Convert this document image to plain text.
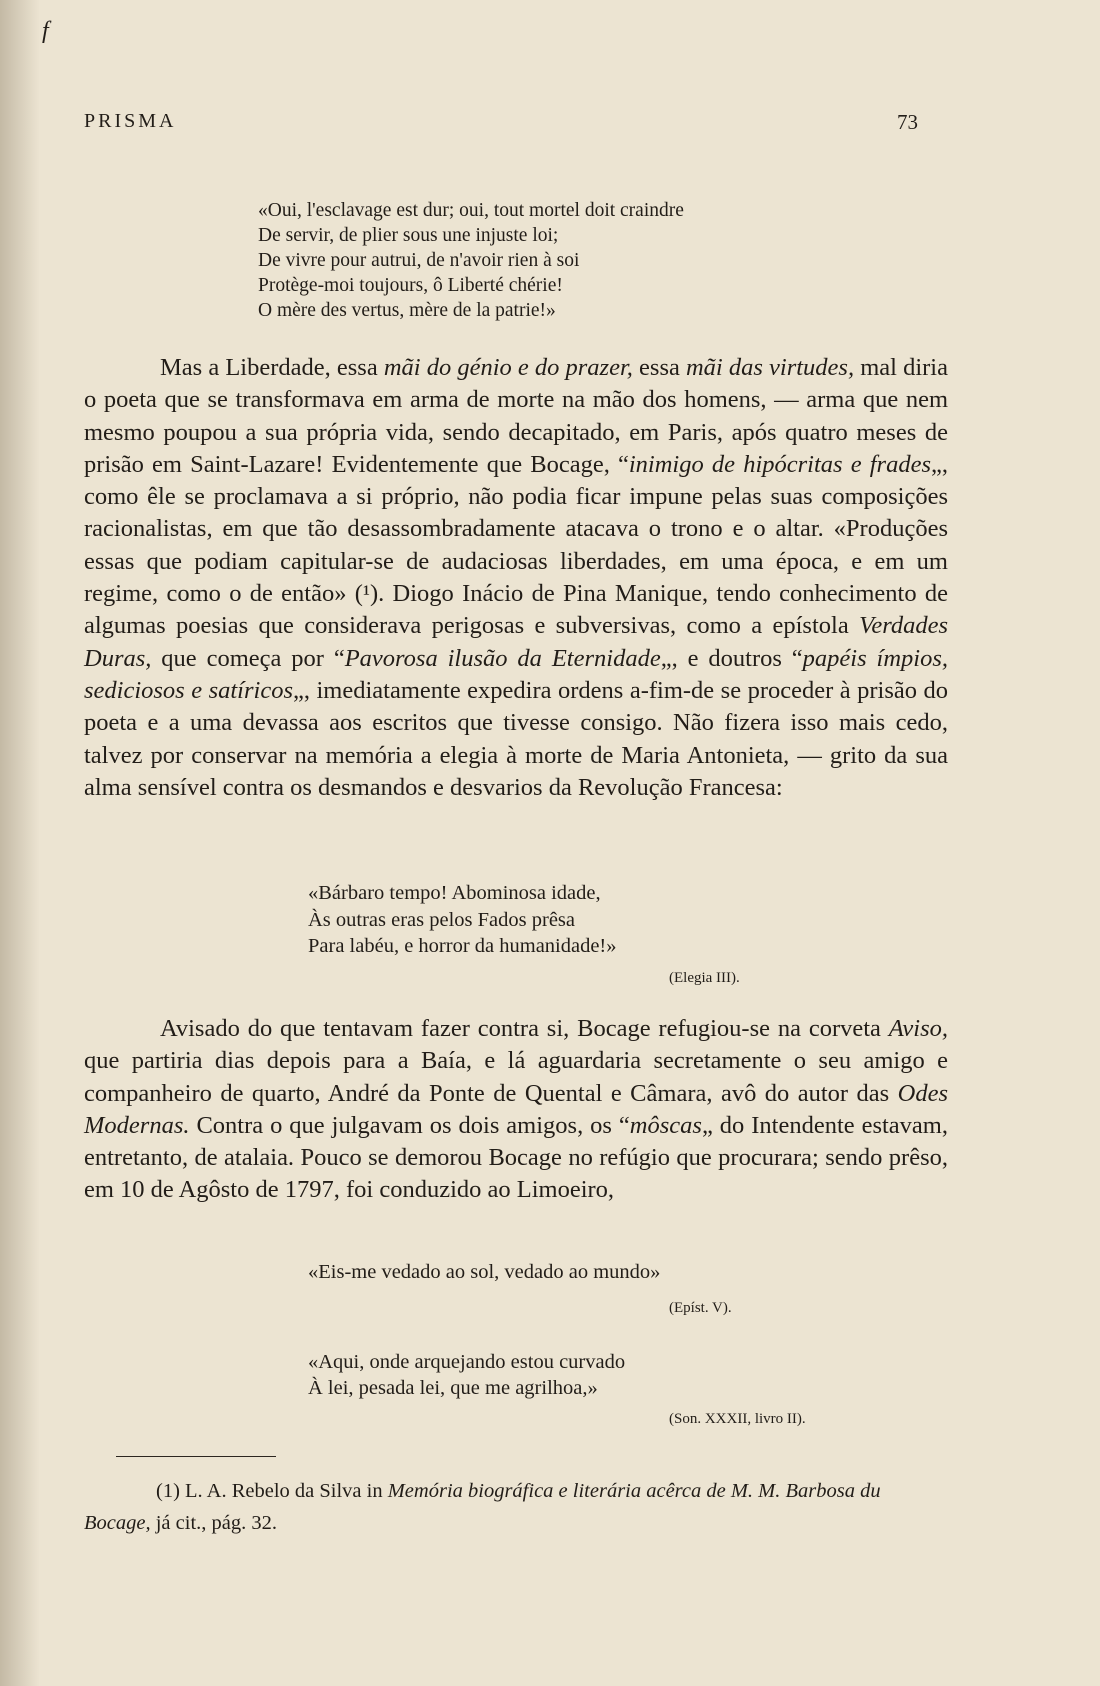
f
PRISMA	73
«Oui, l'esclavage est dur; oui, tout mortel doit craindre
De servir, de plier sous une injuste loi;
De vivre pour autrui, de n'avoir rien à soi
Protège-moi toujours, ô Liberté chérie!
O mère des vertus, mère de la patrie!»

Mas a Liberdade, essa mãi do génio e do prazer, essa mãi das virtudes, mal diria o poeta que se transformava em arma de morte na mão dos homens, — arma que nem mesmo poupou a sua própria vida, sendo decapitado, em Paris, após quatro meses de prisão em Saint-Lazare! Evidentemente que Bocage, “inimigo de hipócritas e frades„, como êle se proclamava a si próprio, não podia ficar impune pelas suas composições racionalistas, em que tão desassombradamente atacava o trono e o altar. «Produções essas que podiam capitular-se de audaciosas liberdades, em uma época, e em um regime, como o de então» (¹). Diogo Inácio de Pina Manique, tendo conhecimento de algumas poesias que considerava perigosas e subversivas, como a epístola Verdades Duras, que começa por “Pavorosa ilusão da Eternidade„, e doutros “papéis ímpios, sediciosos e satíricos„, imediatamente expedira ordens a-fim-de se proceder à prisão do poeta e a uma devassa aos escritos que tivesse consigo. Não fizera isso mais cedo, talvez por conservar na memória a elegia à morte de Maria Antonieta, — grito da sua alma sensível contra os desmandos e desvarios da Revolução Francesa:

«Bárbaro tempo! Abominosa idade,
Às outras eras pelos Fados prêsa
Para labéu, e horror da humanidade!»
(Elegia III).

Avisado do que tentavam fazer contra si, Bocage refugiou-se na corveta Aviso, que partiria dias depois para a Baía, e lá aguardaria secretamente o seu amigo e companheiro de quarto, André da Ponte de Quental e Câmara, avô do autor das Odes Modernas. Contra o que julgavam os dois amigos, os “môscas„ do Intendente estavam, entretanto, de atalaia. Pouco se demorou Bocage no refúgio que procurara; sendo prêso, em 10 de Agôsto de 1797, foi conduzido ao Limoeiro,

«Eis-me vedado ao sol, vedado ao mundo»
(Epíst. V).
«Aqui, onde arquejando estou curvado
À lei, pesada lei, que me agrilhoa,»
(Son. XXXII, livro II).

(1) L. A. Rebelo da Silva in Memória biográfica e literária acêrca de M. M. Barbosa du Bocage, já cit., pág. 32.
